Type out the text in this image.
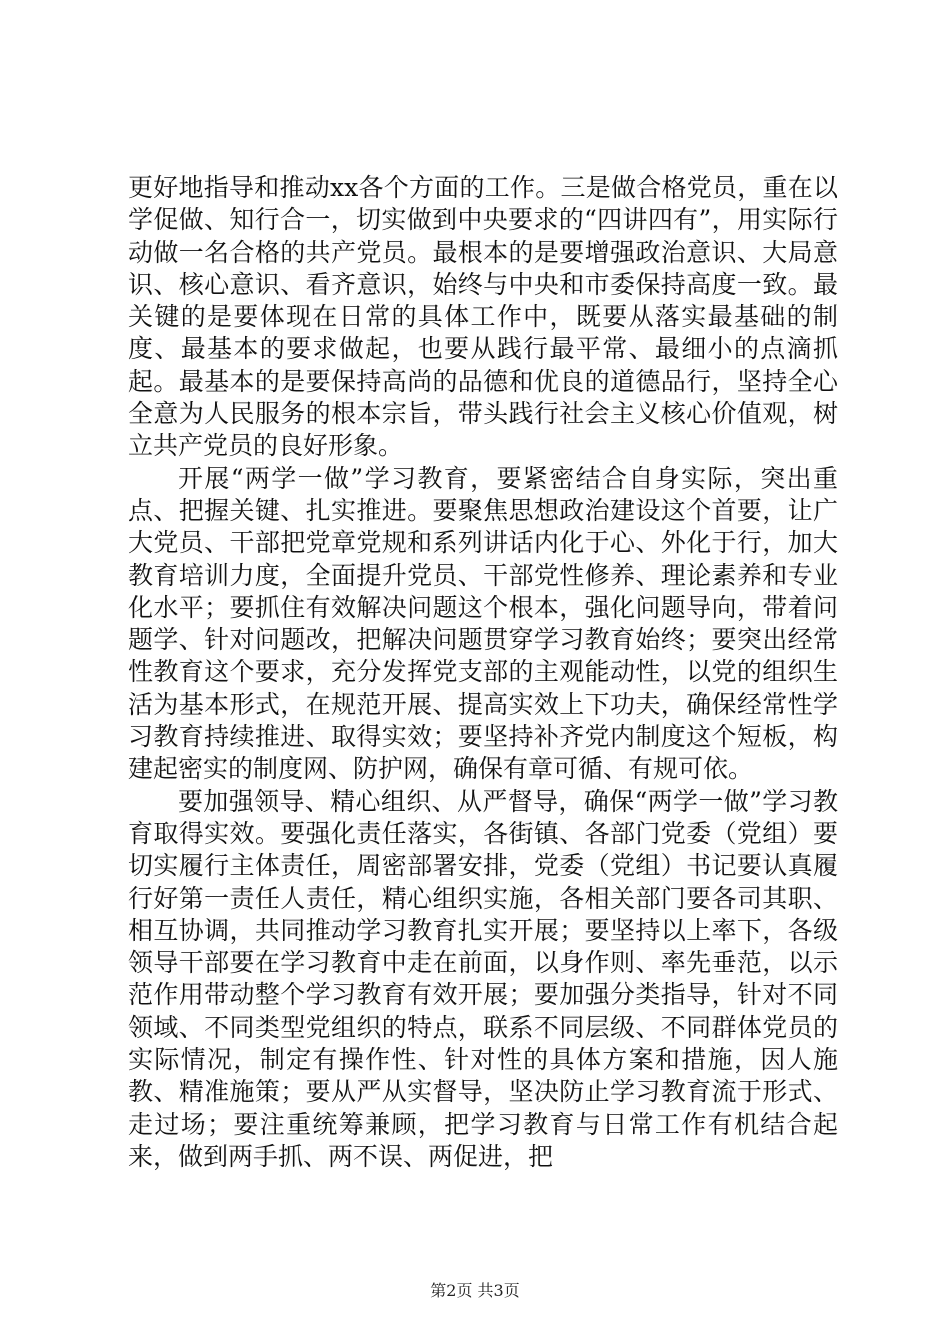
更好地指导和推动xx各个方面的工作。三是做合格党员，重在以学促做、知行合一，切实做到中央要求的“四讲四有”，用实际行动做一名合格的共产党员。最根本的是要增强政治意识、大局意识、核心意识、看齐意识，始终与中央和市委保持高度一致。最关键的是要体现在日常的具体工作中，既要从落实最基础的制度、最基本的要求做起，也要从践行最平常、最细小的点滴抓起。最基本的是要保持高尚的品德和优良的道德品行，坚持全心全意为人民服务的根本宗旨，带头践行社会主义核心价值观，树立共产党员的良好形象。

开展“两学一做”学习教育，要紧密结合自身实际，突出重点、把握关键、扎实推进。要聚焦思想政治建设这个首要，让广大党员、干部把党章党规和系列讲话内化于心、外化于行，加大教育培训力度，全面提升党员、干部党性修养、理论素养和专业化水平；要抓住有效解决问题这个根本，强化问题导向，带着问题学、针对问题改，把解决问题贯穿学习教育始终；要突出经常性教育这个要求，充分发挥党支部的主观能动性，以党的组织生活为基本形式，在规范开展、提高实效上下功夫，确保经常性学习教育持续推进、取得实效；要坚持补齐党内制度这个短板，构建起密实的制度网、防护网，确保有章可循、有规可依。

要加强领导、精心组织、从严督导，确保“两学一做”学习教育取得实效。要强化责任落实，各街镇、各部门党委（党组）要切实履行主体责任，周密部署安排，党委（党组）书记要认真履行好第一责任人责任，精心组织实施，各相关部门要各司其职、相互协调，共同推动学习教育扎实开展；要坚持以上率下，各级领导干部要在学习教育中走在前面，以身作则、率先垂范，以示范作用带动整个学习教育有效开展；要加强分类指导，针对不同领域、不同类型党组织的特点，联系不同层级、不同群体党员的实际情况，制定有操作性、针对性的具体方案和措施，因人施教、精准施策；要从严从实督导，坚决防止学习教育流于形式、走过场；要注重统筹兼顾，把学习教育与日常工作有机结合起来，做到两手抓、两不误、两促进，把

第2页 共3页
